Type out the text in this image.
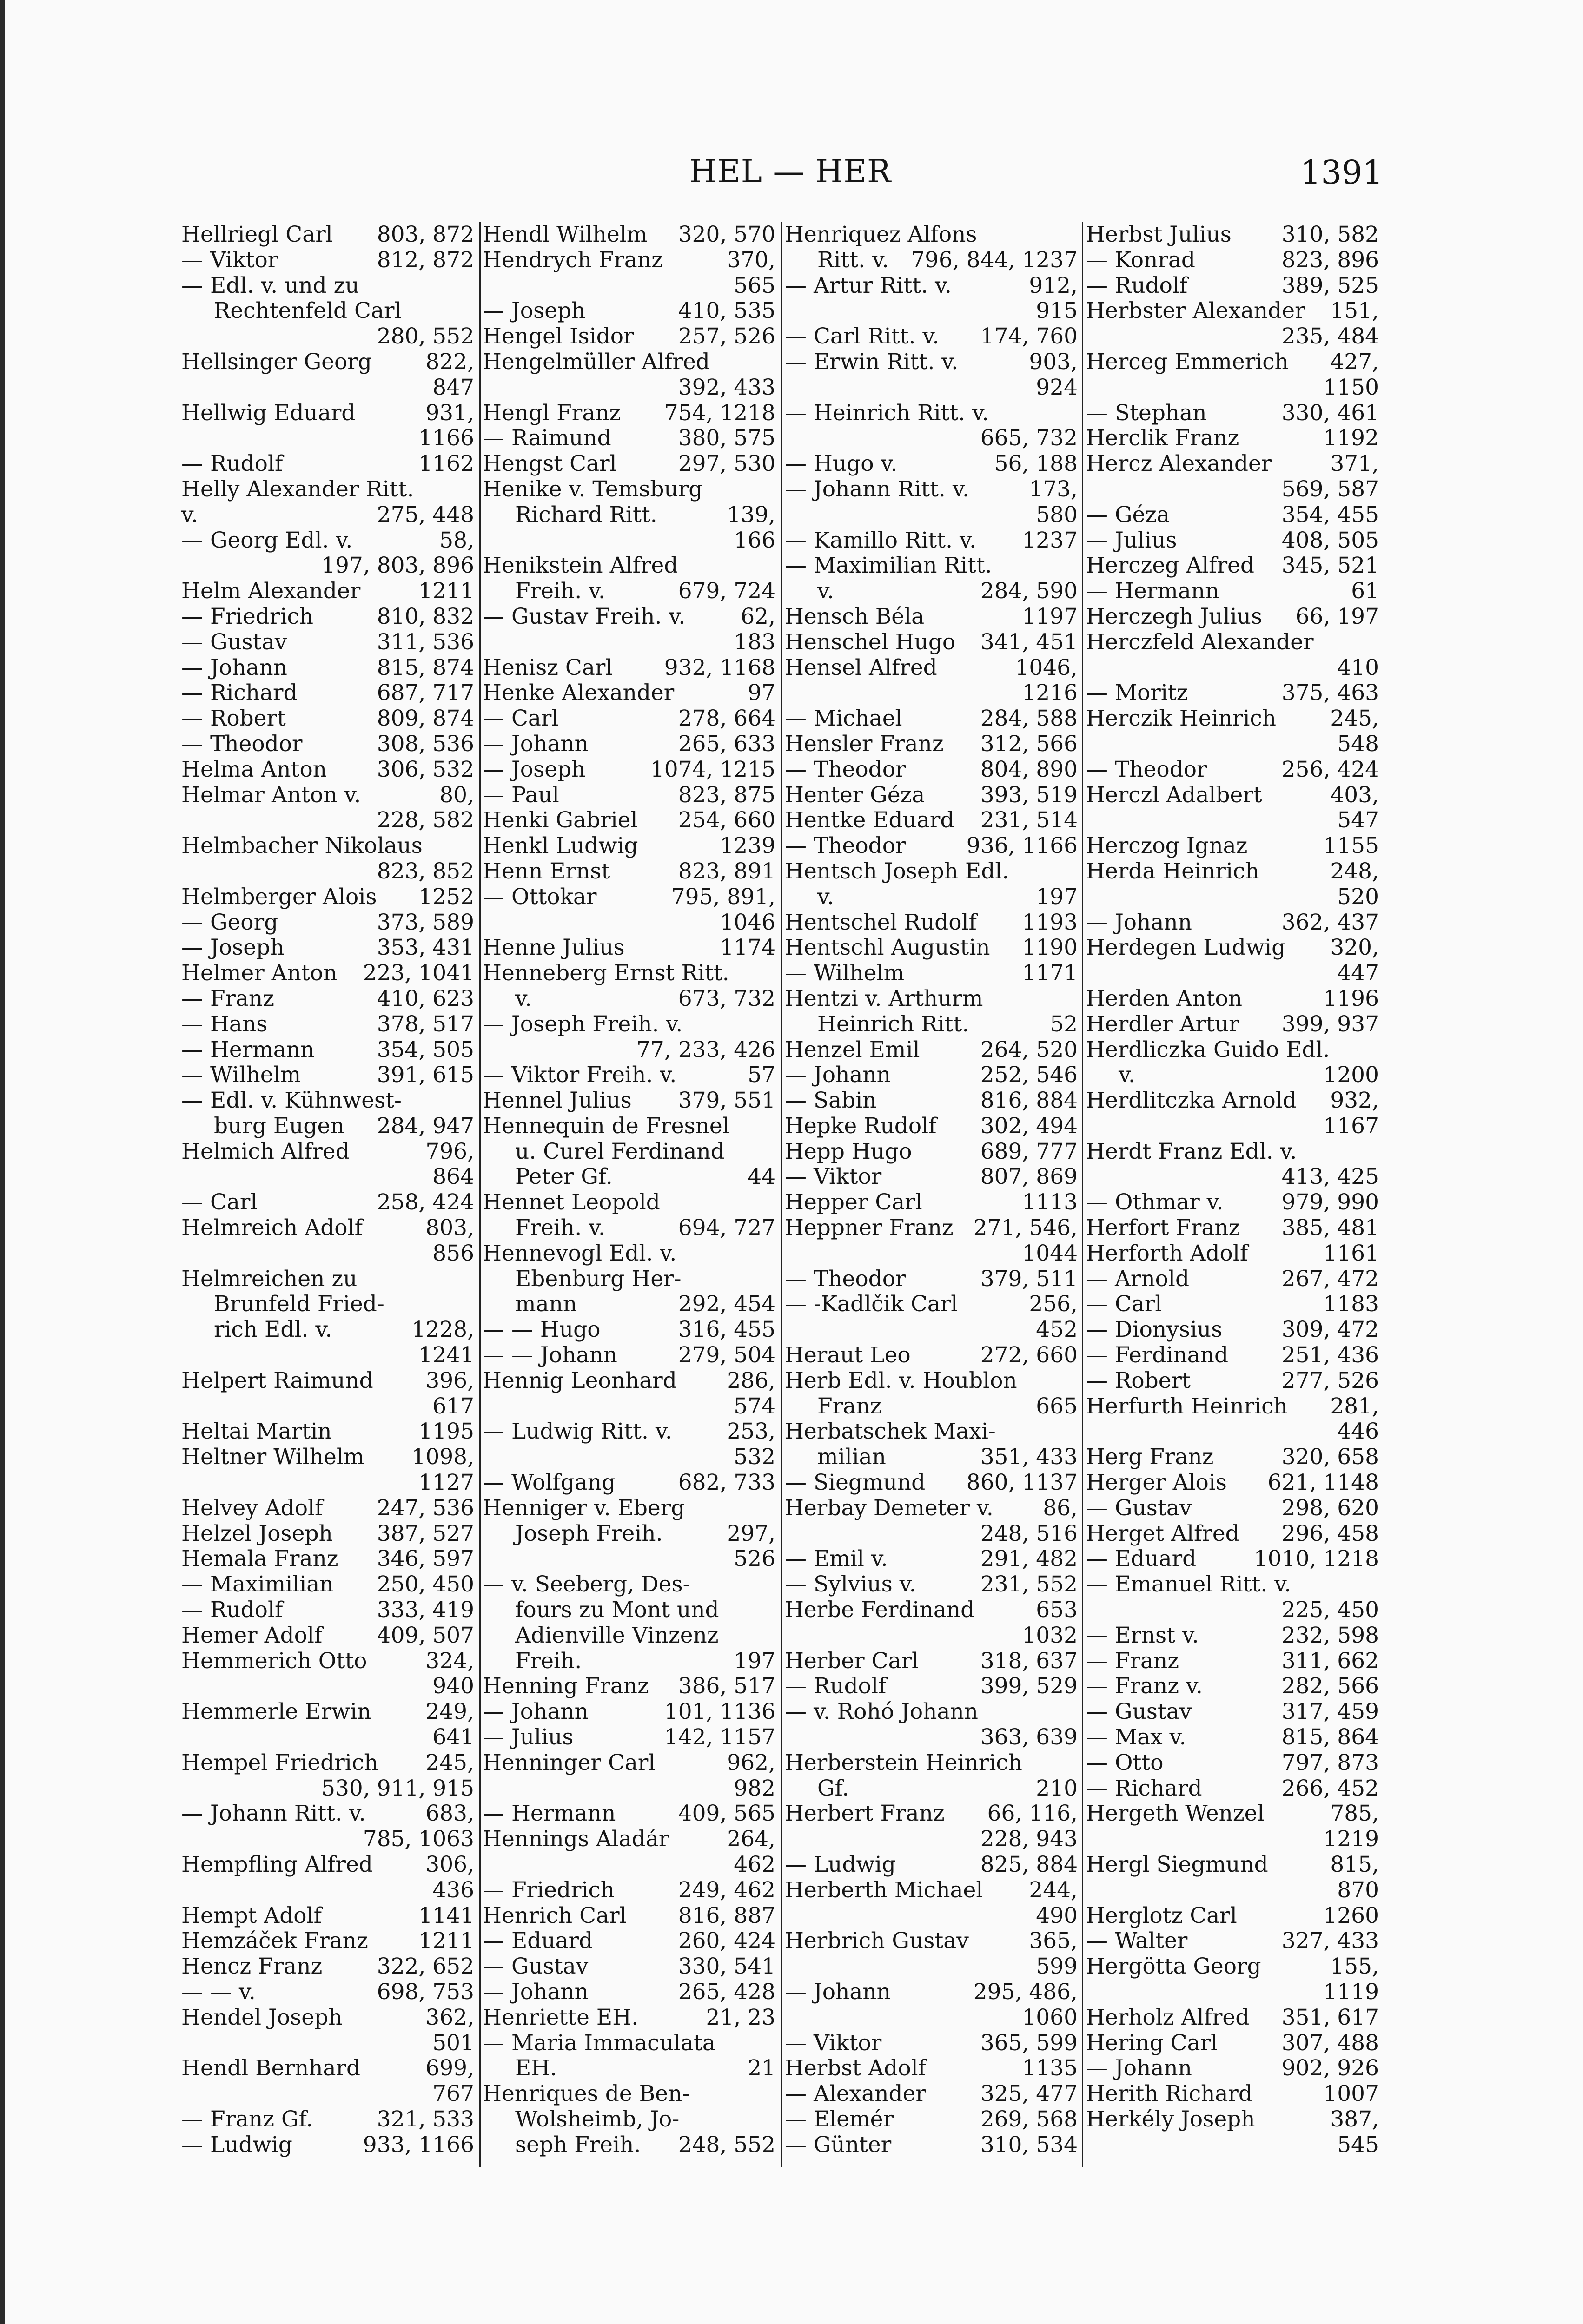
HEL — HER	1391
803, 872
Hellriegl Carl
812, 872
— Viktor
— Edl. v. und zu
Rechtenfeld Carl
280, 552
822,
Hellsinger Georg
847
931,
Hellwig Eduard
1166
1162
— Rudolf
Helly Alexander Ritt.
275, 448
v.
58,
— Georg Edl. v.
197, 803, 896
1211
Helm Alexander
810, 832
— Friedrich
311, 536
— Gustav
815, 874
— Johann
687, 717
— Richard
809, 874
— Robert
308, 536
— Theodor
306, 532
Helma Anton
80,
Helmar Anton v.
228, 582
Helmbacher Nikolaus
823, 852
1252
Helmberger Alois
373, 589
— Georg
353, 431
— Joseph
223, 1041
Helmer Anton
410, 623
— Franz
378, 517
— Hans
354, 505
— Hermann
391, 615
— Wilhelm
— Edl. v. Kühnwest-
284, 947
burg Eugen
796,
Helmich Alfred
864
258, 424
— Carl
803,
Helmreich Adolf
856
Helmreichen zu
Brunfeld Fried-
1228,
rich Edl. v.
1241
396,
Helpert Raimund
617
1195
Heltai Martin
1098,
Heltner Wilhelm
1127
247, 536
Helvey Adolf
387, 527
Helzel Joseph
346, 597
Hemala Franz
250, 450
— Maximilian
333, 419
— Rudolf
409, 507
Hemer Adolf
324,
Hemmerich Otto
940
249,
Hemmerle Erwin
641
245,
Hempel Friedrich
530, 911, 915
683,
— Johann Ritt. v.
785, 1063
306,
Hempfling Alfred
436
1141
Hempt Adolf
1211
Hemzáček Franz
322, 652
Hencz Franz
698, 753
— — v.
362,
Hendel Joseph
501
699,
Hendl Bernhard
767
321, 533
— Franz Gf.
933, 1166
— Ludwig
320, 570
Hendl Wilhelm
370,
Hendrych Franz
565
410, 535
— Joseph
257, 526
Hengel Isidor
Hengelmüller Alfred
392, 433
754, 1218
Hengl Franz
380, 575
— Raimund
297, 530
Hengst Carl
Henike v. Temsburg
139,
Richard Ritt.
166
Henikstein Alfred
679, 724
Freih. v.
62,
— Gustav Freih. v.
183
932, 1168
Henisz Carl
97
Henke Alexander
278, 664
— Carl
265, 633
— Johann
1074, 1215
— Joseph
823, 875
— Paul
254, 660
Henki Gabriel
1239
Henkl Ludwig
823, 891
Henn Ernst
795, 891,
— Ottokar
1046
1174
Henne Julius
Henneberg Ernst Ritt.
673, 732
v.
— Joseph Freih. v.
77, 233, 426
57
— Viktor Freih. v.
379, 551
Hennel Julius
Hennequin de Fresnel
u. Curel Ferdinand
44
Peter Gf.
Hennet Leopold
694, 727
Freih. v.
Hennevogl Edl. v.
Ebenburg Her-
292, 454
mann
316, 455
— — Hugo
279, 504
— — Johann
286,
Hennig Leonhard
574
253,
— Ludwig Ritt. v.
532
682, 733
— Wolfgang
Henniger v. Eberg
297,
Joseph Freih.
526
— v. Seeberg, Des-
fours zu Mont und
Adienville Vinzenz
197
Freih.
386, 517
Henning Franz
101, 1136
— Johann
142, 1157
— Julius
962,
Henninger Carl
982
409, 565
— Hermann
264,
Hennings Aladár
462
249, 462
— Friedrich
816, 887
Henrich Carl
260, 424
— Eduard
330, 541
— Gustav
265, 428
— Johann
21, 23
Henriette EH.
— Maria Immaculata
21
EH.
Henriques de Ben-
Wolsheimb, Jo-
248, 552
seph Freih.
Henriquez Alfons
796, 844, 1237
Ritt. v.
912,
— Artur Ritt. v.
915
174, 760
— Carl Ritt. v.
903,
— Erwin Ritt. v.
924
— Heinrich Ritt. v.
665, 732
56, 188
— Hugo v.
173,
— Johann Ritt. v.
580
1237
— Kamillo Ritt. v.
— Maximilian Ritt.
284, 590
v.
1197
Hensch Béla
341, 451
Henschel Hugo
1046,
Hensel Alfred
1216
284, 588
— Michael
312, 566
Hensler Franz
804, 890
— Theodor
393, 519
Henter Géza
231, 514
Hentke Eduard
936, 1166
— Theodor
Hentsch Joseph Edl.
197
v.
1193
Hentschel Rudolf
1190
Hentschl Augustin
1171
— Wilhelm
Hentzi v. Arthurm
52
Heinrich Ritt.
264, 520
Henzel Emil
252, 546
— Johann
816, 884
— Sabin
302, 494
Hepke Rudolf
689, 777
Hepp Hugo
807, 869
— Viktor
1113
Hepper Carl
271, 546,
Heppner Franz
1044
379, 511
— Theodor
256,
— -Kadlčik Carl
452
272, 660
Heraut Leo
Herb Edl. v. Houblon
665
Franz
Herbatschek Maxi-
351, 433
milian
860, 1137
— Siegmund
86,
Herbay Demeter v.
248, 516
291, 482
— Emil v.
231, 552
— Sylvius v.
653
Herbe Ferdinand
1032
318, 637
Herber Carl
399, 529
— Rudolf
— v. Rohó Johann
363, 639
Herberstein Heinrich
210
Gf.
66, 116,
Herbert Franz
228, 943
825, 884
— Ludwig
244,
Herberth Michael
490
365,
Herbrich Gustav
599
295, 486,
— Johann
1060
365, 599
— Viktor
1135
Herbst Adolf
325, 477
— Alexander
269, 568
— Elemér
310, 534
— Günter
310, 582
Herbst Julius
823, 896
— Konrad
389, 525
— Rudolf
151,
Herbster Alexander
235, 484
427,
Herceg Emmerich
1150
330, 461
— Stephan
1192
Herclik Franz
371,
Hercz Alexander
569, 587
354, 455
— Géza
408, 505
— Julius
345, 521
Herczeg Alfred
61
— Hermann
66, 197
Herczegh Julius
Herczfeld Alexander
410
375, 463
— Moritz
245,
Herczik Heinrich
548
256, 424
— Theodor
403,
Herczl Adalbert
547
1155
Herczog Ignaz
248,
Herda Heinrich
520
362, 437
— Johann
320,
Herdegen Ludwig
447
1196
Herden Anton
399, 937
Herdler Artur
Herdliczka Guido Edl.
1200
v.
932,
Herdlitczka Arnold
1167
Herdt Franz Edl. v.
413, 425
979, 990
— Othmar v.
385, 481
Herfort Franz
1161
Herforth Adolf
267, 472
— Arnold
1183
— Carl
309, 472
— Dionysius
251, 436
— Ferdinand
277, 526
— Robert
281,
Herfurth Heinrich
446
320, 658
Herg Franz
621, 1148
Herger Alois
298, 620
— Gustav
296, 458
Herget Alfred
1010, 1218
— Eduard
— Emanuel Ritt. v.
225, 450
232, 598
— Ernst v.
311, 662
— Franz
282, 566
— Franz v.
317, 459
— Gustav
815, 864
— Max v.
797, 873
— Otto
266, 452
— Richard
785,
Hergeth Wenzel
1219
815,
Hergl Siegmund
870
1260
Herglotz Carl
327, 433
— Walter
155,
Hergötta Georg
1119
351, 617
Herholz Alfred
307, 488
Hering Carl
902, 926
— Johann
1007
Herith Richard
387,
Herkély Joseph
545
